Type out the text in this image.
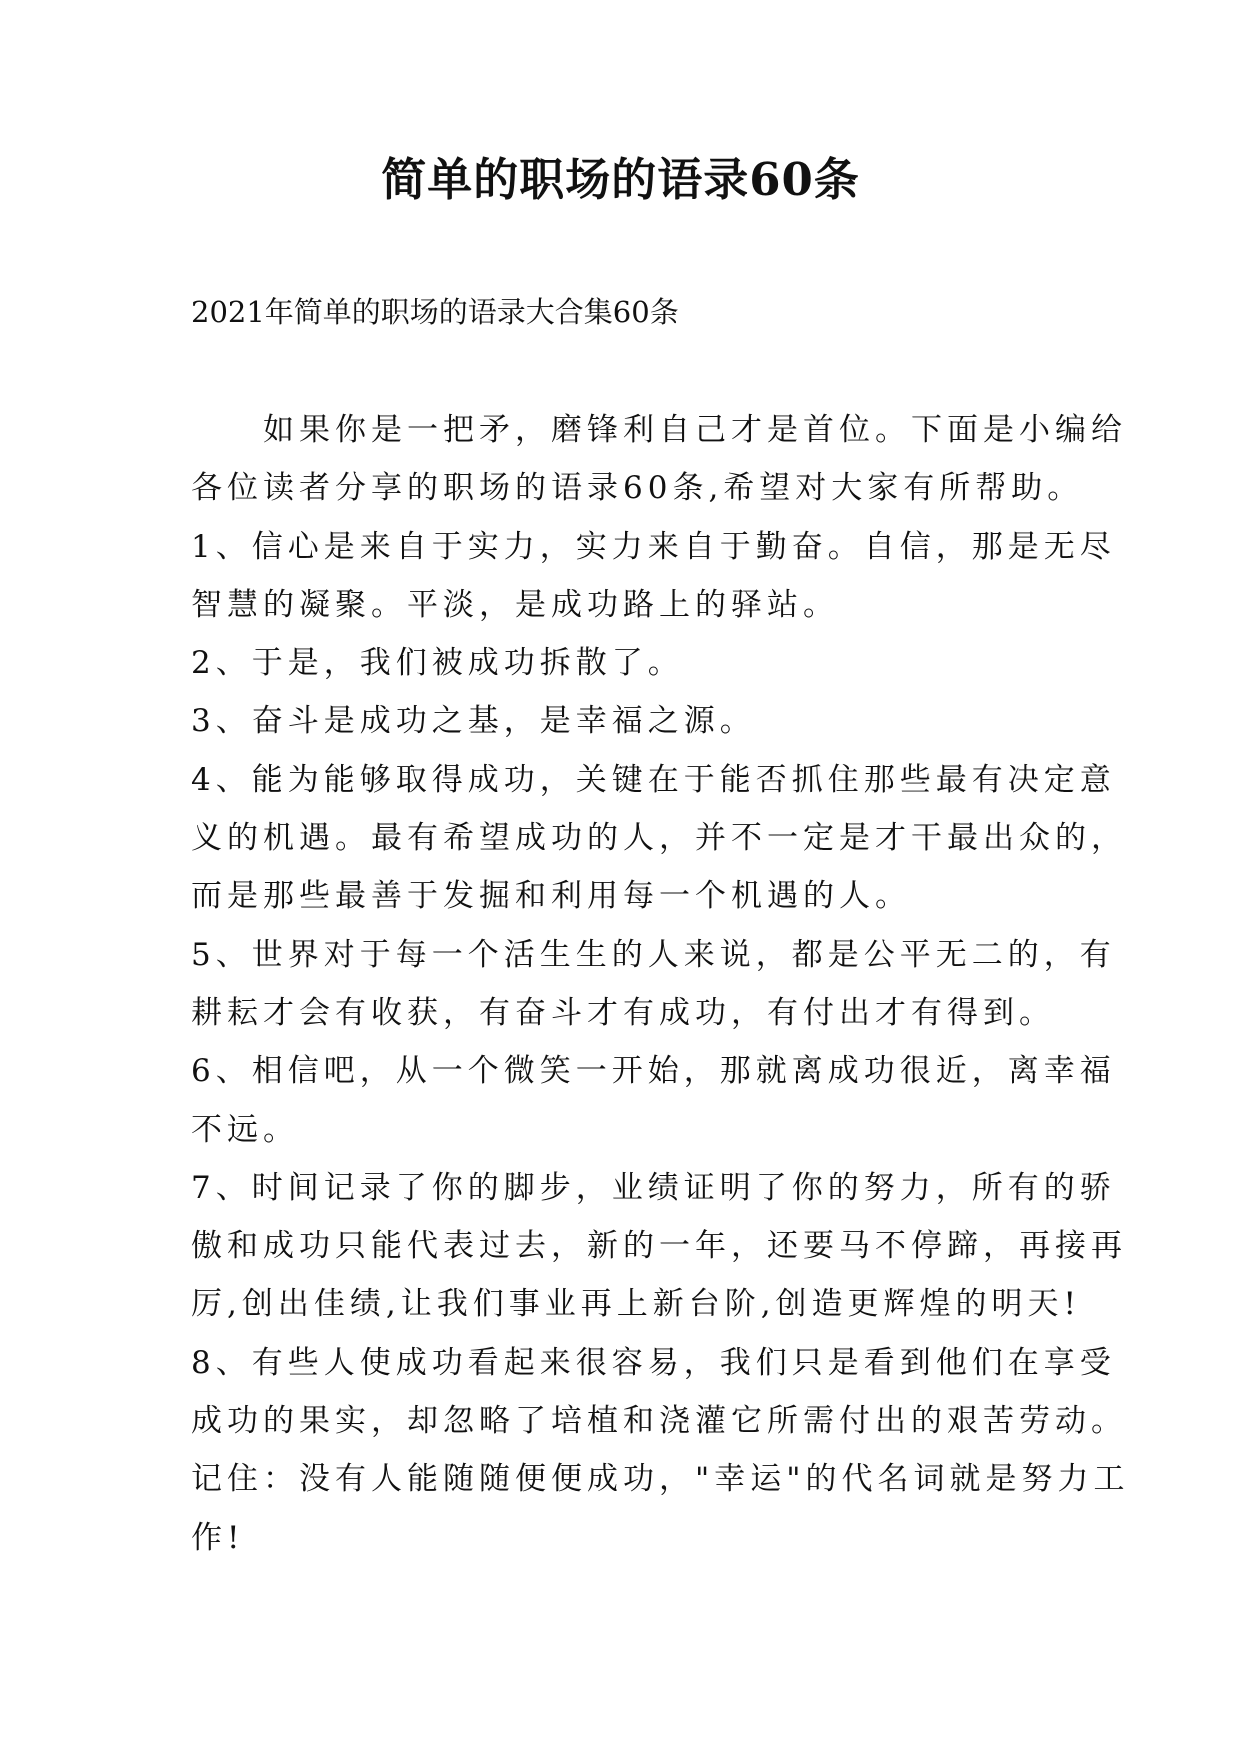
简单的职场的语录60条

2021年简单的职场的语录大合集60条

　　如果你是一把矛，磨锋利自己才是首位。下面是小编给
各位读者分享的职场的语录60条,希望对大家有所帮助。
1、信心是来自于实力，实力来自于勤奋。自信，那是无尽
智慧的凝聚。平淡，是成功路上的驿站。
2、于是，我们被成功拆散了。
3、奋斗是成功之基，是幸福之源。
4、能为能够取得成功，关键在于能否抓住那些最有决定意
义的机遇。最有希望成功的人，并不一定是才干最出众的，
而是那些最善于发掘和利用每一个机遇的人。
5、世界对于每一个活生生的人来说，都是公平无二的，有
耕耘才会有收获，有奋斗才有成功，有付出才有得到。
6、相信吧，从一个微笑一开始，那就离成功很近，离幸福
不远。
7、时间记录了你的脚步，业绩证明了你的努力，所有的骄
傲和成功只能代表过去，新的一年，还要马不停蹄，再接再
厉,创出佳绩,让我们事业再上新台阶,创造更辉煌的明天!
8、有些人使成功看起来很容易，我们只是看到他们在享受
成功的果实，却忽略了培植和浇灌它所需付出的艰苦劳动。
记住：没有人能随随便便成功，"幸运"的代名词就是努力工
作!
